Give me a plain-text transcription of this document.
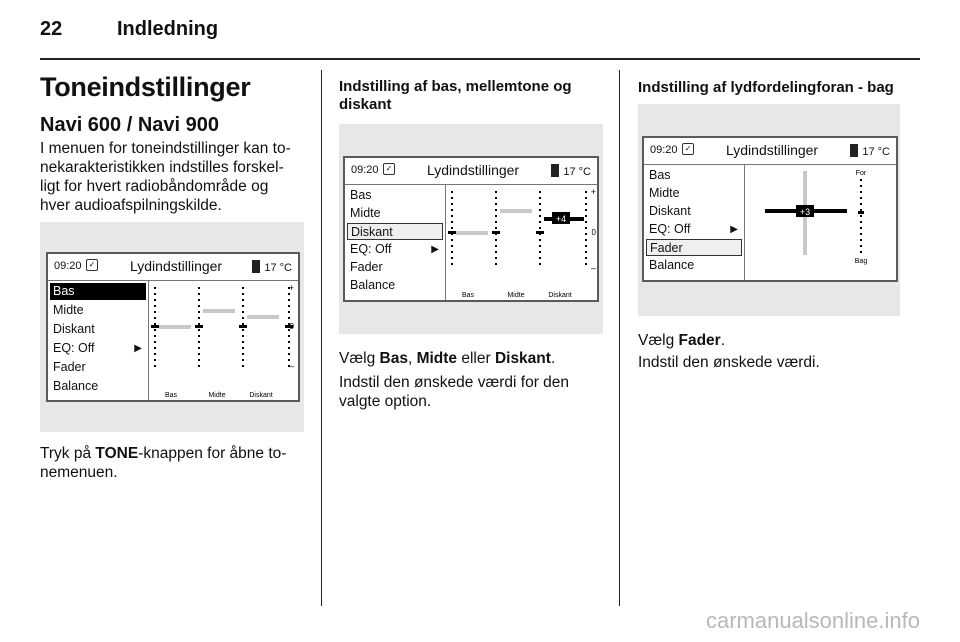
22	Indledning
Toneindstillinger
Navi 600 / Navi 900
I menuen for toneindstillinger kan to-
nekarakteristikken indstilles forskel-
ligt for hvert radiobåndområde og
hver audioafspilningskilde.
09:20 ✓ Lydindstillinger	17 °C
Bas
Midte
Diskant
EQ: Off	▶
Fader
Balance
0
+
–
Bas	Midte	Diskant
Tryk på TONE-knappen for åbne to-
nemenuen.
Indstilling af bas, mellemtone og
diskant
09:20 ✓ Lydindstillinger	17 °C
Bas
Midte
Diskant
EQ: Off	▶
Fader
Balance
+4
0
+
–
Bas	Midte	Diskant
Vælg Bas, Midte eller Diskant.
Indstil den ønskede værdi for den
valgte option.
Indstilling af lydfordelingforan - bag
09:20 ✓ Lydindstillinger	17 °C
Bas
Midte
Diskant
EQ: Off	▶
Fader
Balance
+3
For
Bag
Vælg Fader.
Indstil den ønskede værdi.
carmanualsonline.info
